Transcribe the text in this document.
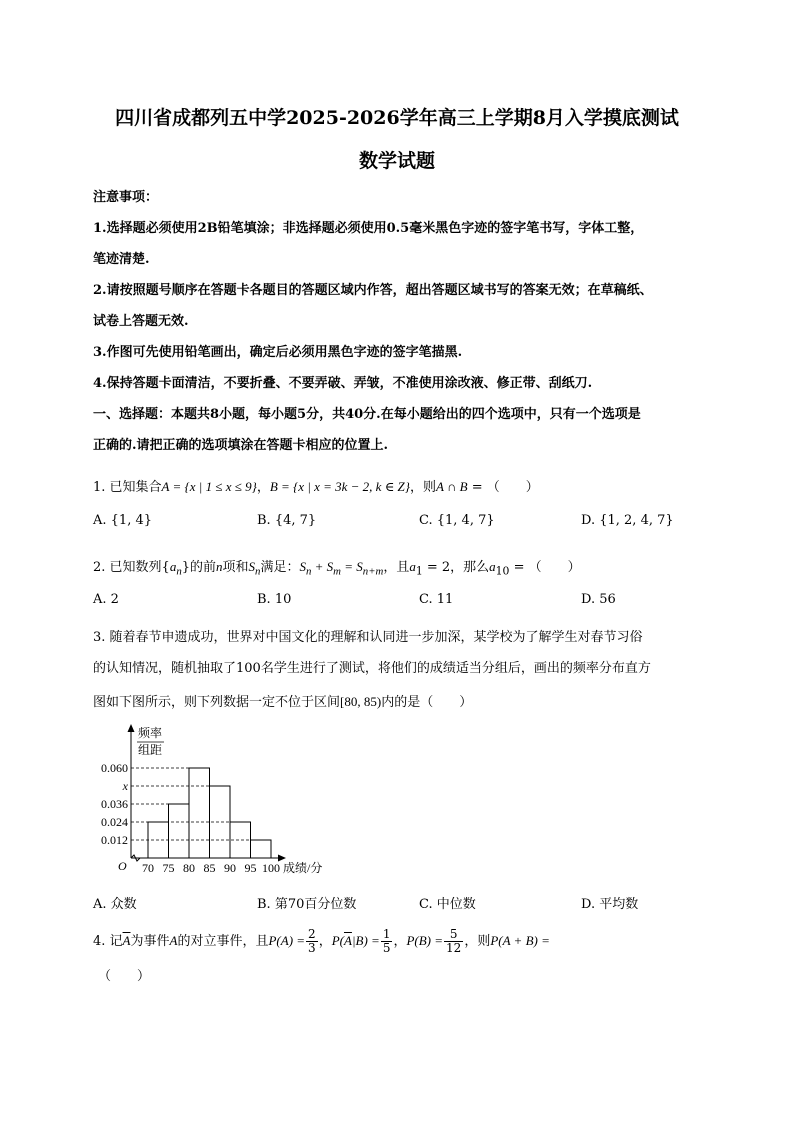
四川省成都列五中学2025-2026学年高三上学期8月入学摸底测试
数学试题
注意事项：
1.选择题必须使用2B铅笔填涂；非选择题必须使用0.5毫米黑色字迹的签字笔书写，字体工整，
笔迹清楚.
2.请按照题号顺序在答题卡各题目的答题区域内作答，超出答题区域书写的答案无效；在草稿纸、
试卷上答题无效.
3.作图可先使用铅笔画出，确定后必须用黑色字迹的签字笔描黑.
4.保持答题卡面清洁，不要折叠、不要弄破、弄皱，不准使用涂改液、修正带、刮纸刀.
一、选择题：本题共8小题，每小题5分，共40分.在每小题给出的四个选项中，只有一个选项是
正确的.请把正确的选项填涂在答题卡相应的位置上.
1. 已知集合A = {x | 1 ≤ x ≤ 9}，B = {x | x = 3k − 2, k ∈ Z}，则A ∩ B = （　　）
A. {1, 4}	B. {4, 7}	C. {1, 4, 7}	D. {1, 2, 4, 7}
2. 已知数列$\{a_n\}$的前n项和$S_n$满足：$S_n + S_m = S_{n+m}$，且$a_1 = 2$，那么$a_{10}$ = （　　）
A. 2	B. 10	C. 11	D. 56
3. 随着春节申遗成功，世界对中国文化的理解和认同进一步加深，某学校为了解学生对春节习俗
的认知情况，随机抽取了100名学生进行了测试，将他们的成绩适当分组后，画出的频率分布直方
图如下图所示，则下列数据一定不位于区间[80, 85)内的是（　　）
0.012
0.024
0.036
x
0.060
70 75 80 85 90 95 100
频率
组距
O	成绩/分
A. 众数	B. 第70百分位数	C. 中位数	D. 平均数
4. 记$\overline{A}$为事件A的对立事件，且$P(A) = \frac{2}{3}$ ，$P(\overline{A}|B) = \frac{1}{5}$ ，$P(B) = \frac{5}{12}$ ，则P(A + B) =
（　　）
